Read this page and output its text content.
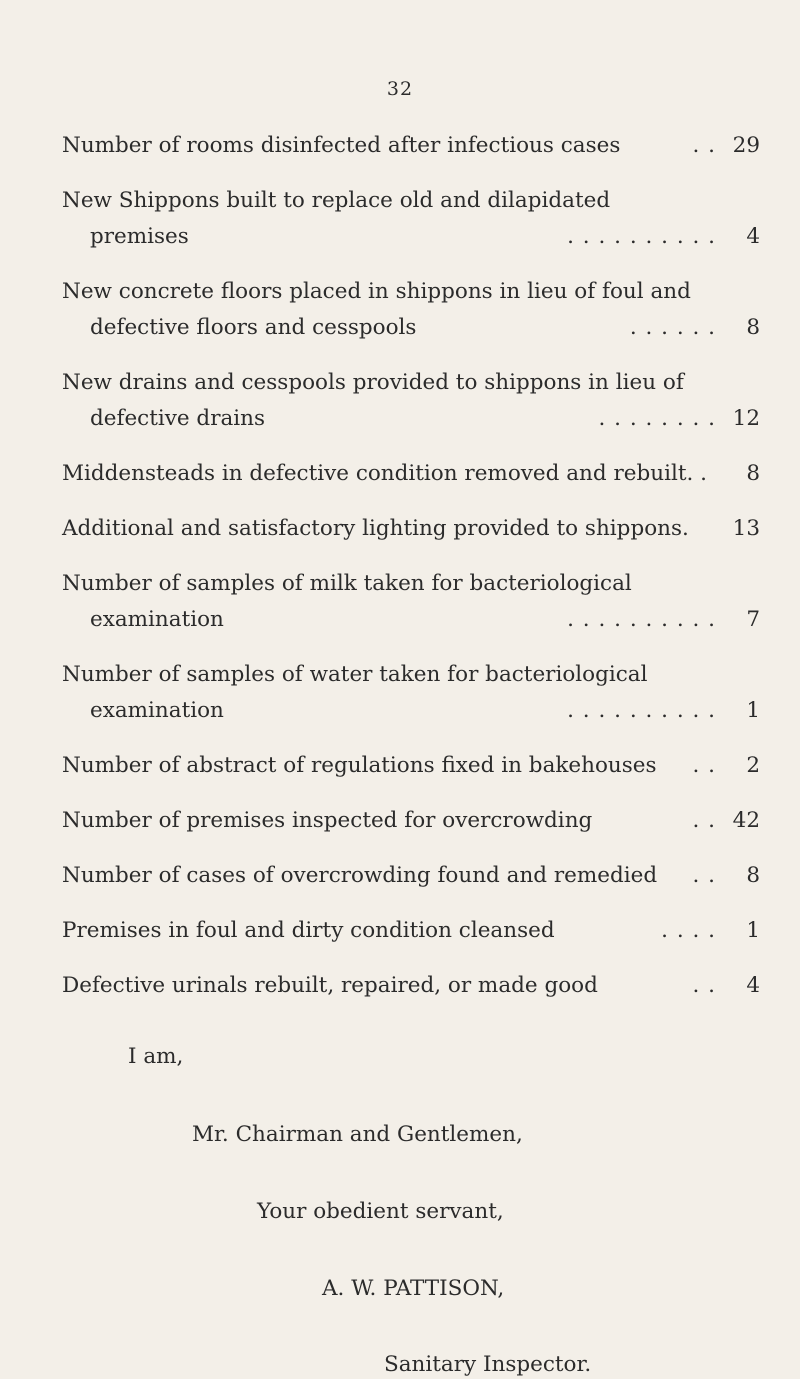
32
Number of rooms disinfected after infectious cases	. . 29
New Shippons built to replace old and dilapidated
premises	. . . . . . . . . .	4
New concrete floors placed in shippons in lieu of foul and
defective floors and cesspools	. . . . . .	8
New drains and cesspools provided to shippons in lieu of
defective drains	. . . . . . . . 12
Middensteads in defective condition removed and rebuilt. .	8
Additional and satisfactory lighting provided to shippons. 13
Number of samples of milk taken for bacteriological
examination	. . . . . . . . . .	7
Number of samples of water taken for bacteriological
examination	. . . . . . . . . .	1
Number of abstract of regulations fixed in bakehouses	. .	2
Number of premises inspected for overcrowding	. . 42
Number of cases of overcrowding found and remedied	. .	8
Premises in foul and dirty condition cleansed	. . . .	1
Defective urinals rebuilt, repaired, or made good	. .	4
I am,
Mr. Chairman and Gentlemen,
Your obedient servant,
A. W. PATTISON,
Sanitary Inspector.
